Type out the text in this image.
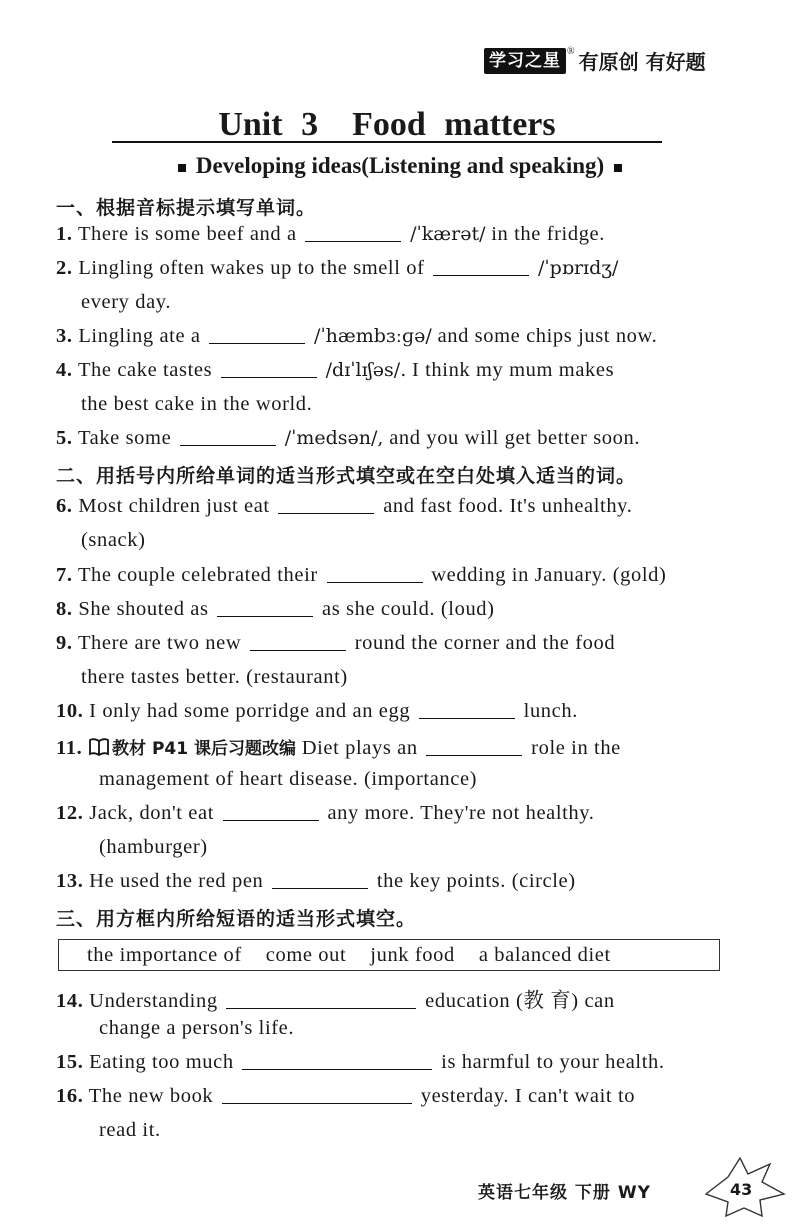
学习之星 ® 有原创 有好题
Unit 3　Food matters
Developing ideas(Listening and speaking)
一、根据音标提示填写单词。
1. There is some beef and a	/ˈkærət/ in the fridge.
2. Lingling often wakes up to the smell of	/ˈpɒrɪdʒ/
every day.
3. Lingling ate a	/ˈhæmbɜːɡə/ and some chips just now.
4. The cake tastes	/dɪˈlɪʃəs/. I think my mum makes
the best cake in the world.
5. Take some	/ˈmedsən/, and you will get better soon.
二、用括号内所给单词的适当形式填空或在空白处填入适当的词。
6. Most children just eat	and fast food. It's unhealthy.
(snack)
7. The couple celebrated their	wedding in January. (gold)
8. She shouted as	as she could. (loud)
9. There are two new	round the corner and the food
there tastes better. (restaurant)
10. I only had some porridge and an egg	lunch.
11. 教材 P41 课后习题改编 Diet plays an	role in the
management of heart disease. (importance)
12. Jack, don't eat	any more. They're not healthy.
(hamburger)
13. He used the red pen	the key points. (circle)
三、用方框内所给短语的适当形式填空。
the importance of come out junk food a balanced diet
14. Understanding	education (教 育) can
change a person's life.
15. Eating too much	is harmful to your health.
16. The new book	yesterday. I can't wait to
read it.
英语七年级 下册 WY	43
